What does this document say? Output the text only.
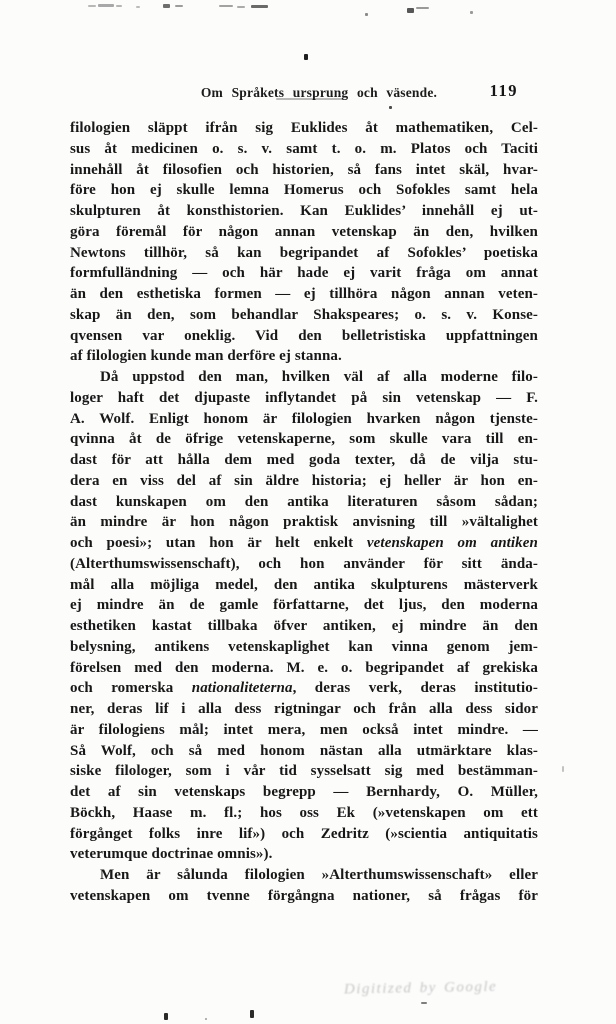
Om Språkets ursprung och väsende.	119
filologien släppt ifrån sig Euklides åt mathematiken, Cel-
sus åt medicinen o. s. v. samt t. o. m. Platos och Taciti
innehåll åt filosofien och historien, så fans intet skäl, hvar-
före hon ej skulle lemna Homerus och Sofokles samt hela
skulpturen åt konsthistorien. Kan Euklides’ innehåll ej ut-
göra föremål för någon annan vetenskap än den, hvilken
Newtons tillhör, så kan begripandet af Sofokles’ poetiska
formfulländning — och här hade ej varit fråga om annat
än den esthetiska formen — ej tillhöra någon annan veten-
skap än den, som behandlar Shakspeares; o. s. v. Konse-
qvensen var oneklig. Vid den belletristiska uppfattningen
af filologien kunde man derföre ej stanna.
Då uppstod den man, hvilken väl af alla moderne filo-
loger haft det djupaste inflytandet på sin vetenskap — F.
A. Wolf. Enligt honom är filologien hvarken någon tjenste-
qvinna åt de öfrige vetenskaperne, som skulle vara till en-
dast för att hålla dem med goda texter, då de vilja stu-
dera en viss del af sin äldre historia; ej heller är hon en-
dast kunskapen om den antika literaturen såsom sådan;
än mindre är hon någon praktisk anvisning till »vältalighet
och poesi»; utan hon är helt enkelt vetenskapen om antiken
(Alterthumswissenschaft), och hon använder för sitt ända-
mål alla möjliga medel, den antika skulpturens mästerverk
ej mindre än de gamle författarne, det ljus, den moderna
esthetiken kastat tillbaka öfver antiken, ej mindre än den
belysning, antikens vetenskaplighet kan vinna genom jem-
förelsen med den moderna. M. e. o. begripandet af grekiska
och romerska nationaliteterna, deras verk, deras institutio-
ner, deras lif i alla dess rigtningar och från alla dess sidor
är filologiens mål; intet mera, men också intet mindre. —
Så Wolf, och så med honom nästan alla utmärktare klas-
siske filologer, som i vår tid sysselsatt sig med bestämman-
det af sin vetenskaps begrepp — Bernhardy, O. Müller,
Böckh, Haase m. fl.; hos oss Ek (»vetenskapen om ett
förgånget folks inre lif») och Zedritz (»scientia antiquitatis
veterumque doctrinae omnis»).
Men är sålunda filologien »Alterthumswissenschaft» eller
vetenskapen om tvenne förgångna nationer, så frågas för
Digitized by Google
